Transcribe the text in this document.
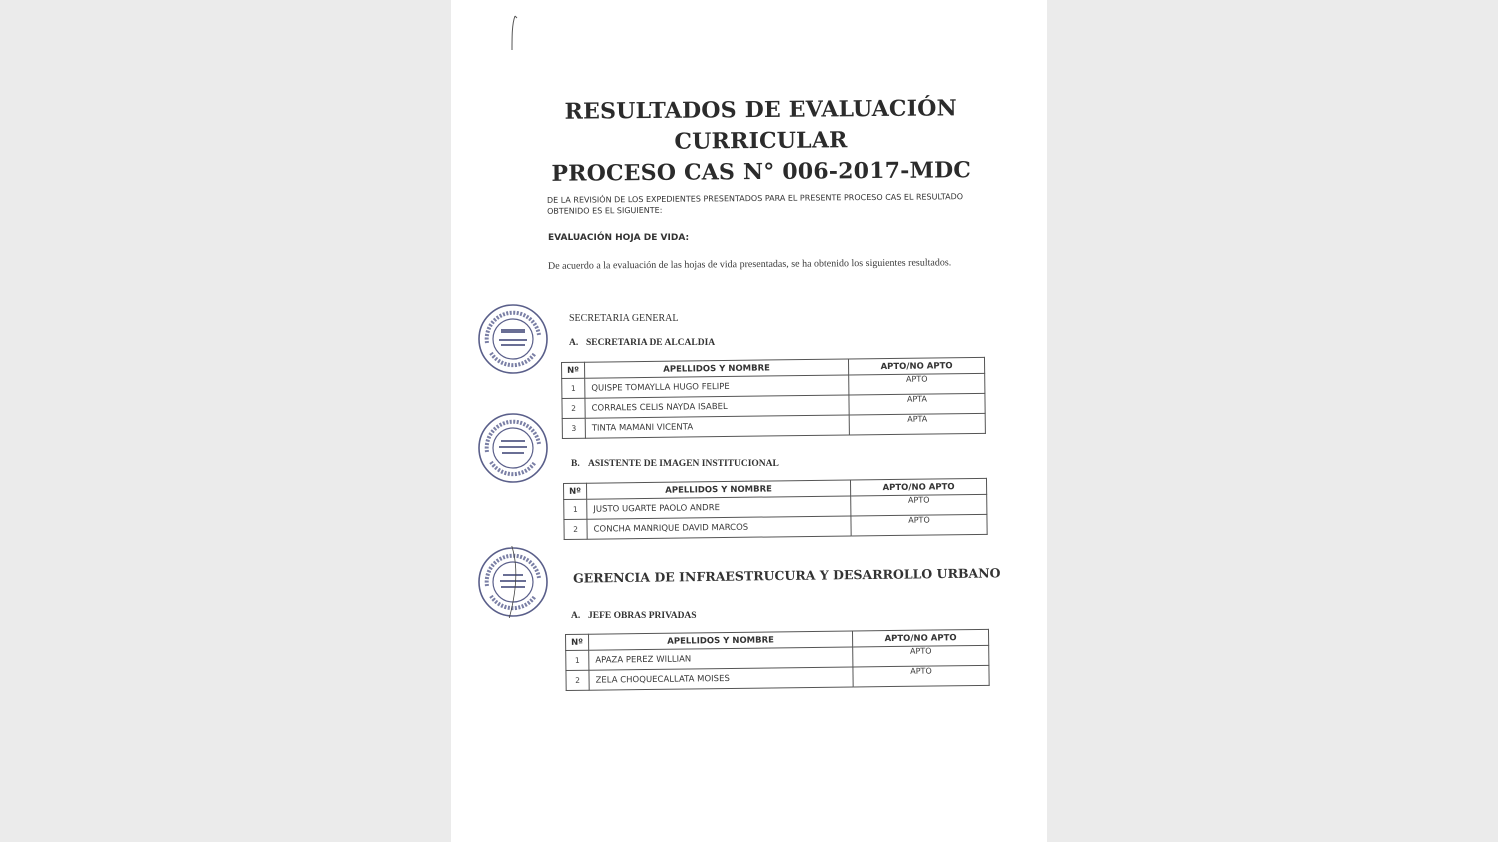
RESULTADOS DE EVALUACIÓN
CURRICULAR
PROCESO CAS N° 006-2017-MDC
DE LA REVISIÓN DE LOS EXPEDIENTES PRESENTADOS PARA EL PRESENTE PROCESO CAS EL RESULTADO OBTENIDO ES EL SIGUIENTE:
EVALUACIÓN HOJA DE VIDA:
De acuerdo a la evaluación de las hojas de vida presentadas, se ha obtenido los siguientes resultados.
SECRETARIA GENERAL
A. SECRETARIA DE ALCALDIA
Nº	APELLIDOS Y NOMBRE	APTO/NO APTO
1	QUISPE TOMAYLLA HUGO FELIPE	APTO
2	CORRALES CELIS NAYDA ISABEL	APTA
3	TINTA MAMANI VICENTA	APTA
B. ASISTENTE DE IMAGEN INSTITUCIONAL
Nº	APELLIDOS Y NOMBRE	APTO/NO APTO
1	JUSTO UGARTE PAOLO ANDRE	APTO
2	CONCHA MANRIQUE DAVID MARCOS	APTO
GERENCIA DE INFRAESTRUCURA Y DESARROLLO URBANO
A. JEFE OBRAS PRIVADAS
Nº	APELLIDOS Y NOMBRE	APTO/NO APTO
1	APAZA PEREZ WILLIAN	APTO
2	ZELA CHOQUECALLATA MOISES	APTO
